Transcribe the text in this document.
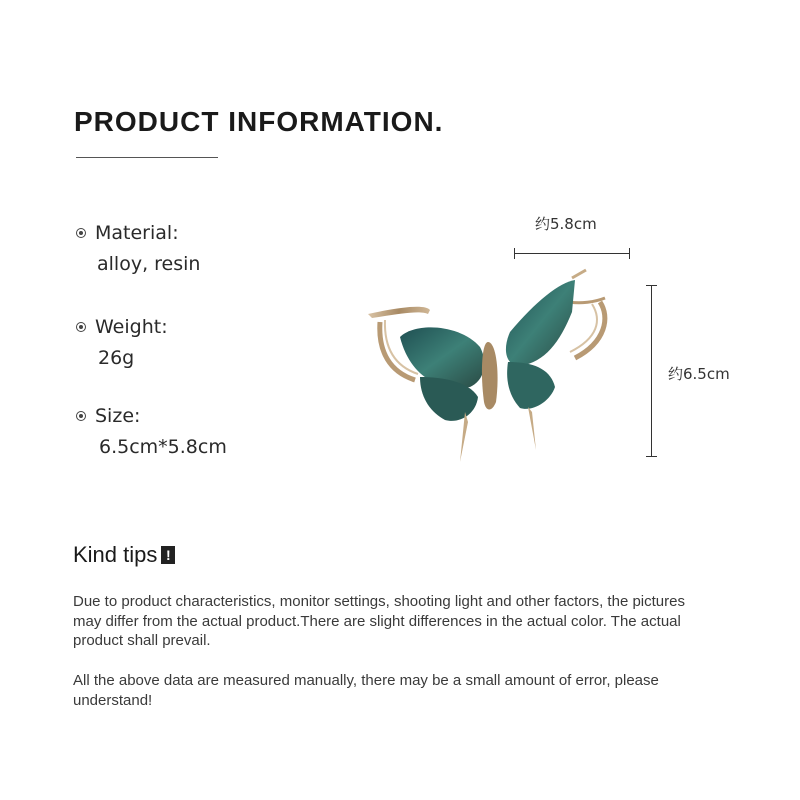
PRODUCT INFORMATION.
Material:
alloy, resin
Weight:
26g
Size:
6.5cm*5.8cm
约5.8cm
约6.5cm
Kind tips !
Due to product characteristics, monitor settings, shooting light and other factors, the pictures may differ from the actual product.There are slight differences in the actual color. The actual product shall prevail.
All the above data are measured manually, there may be a small amount of error, please understand!
